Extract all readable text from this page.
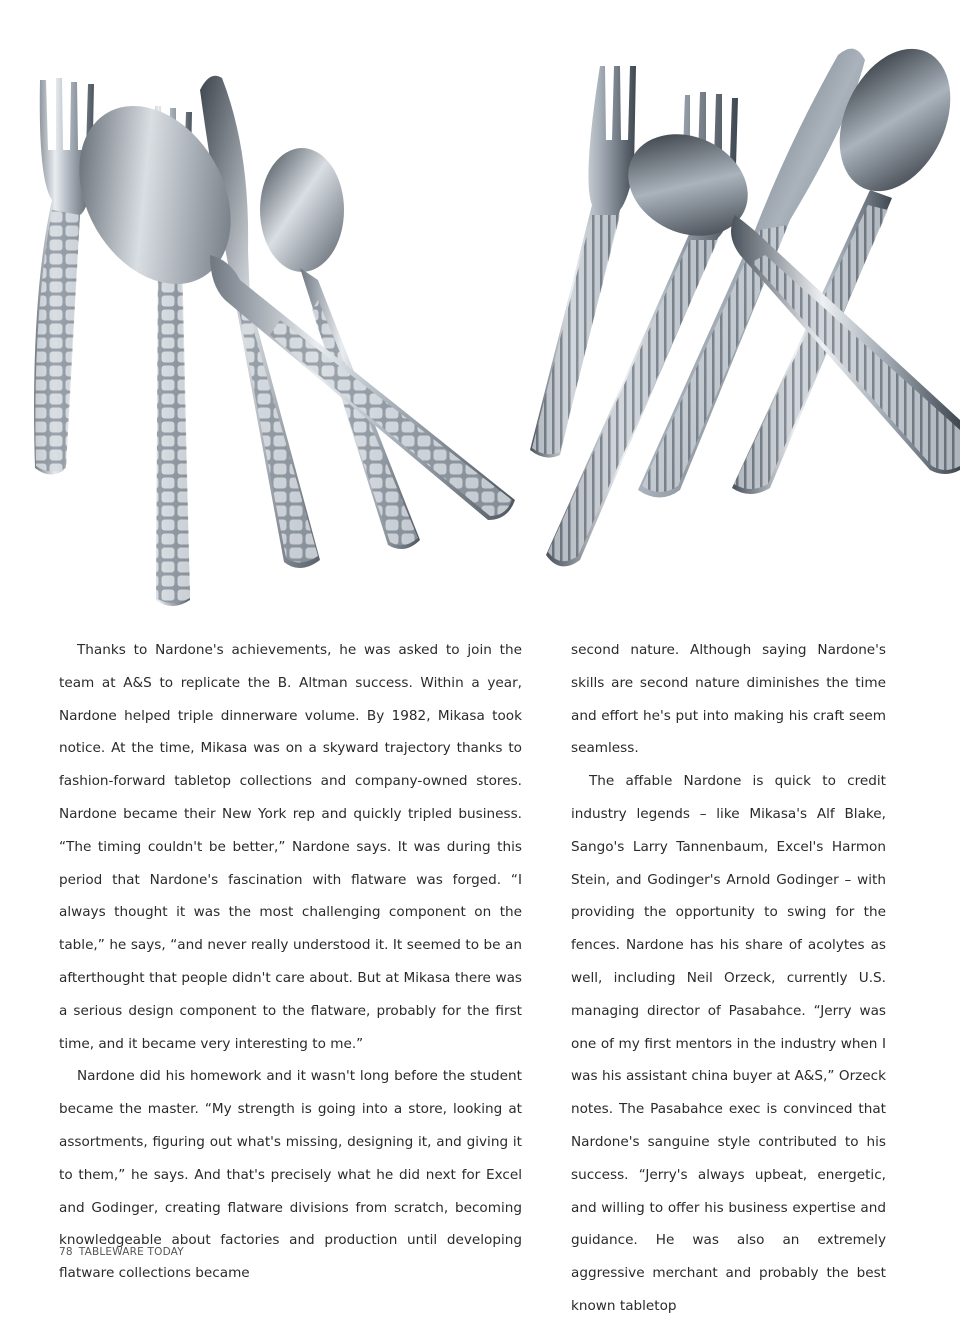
Thanks to Nardone's achievements, he was asked to join the team at A&S to replicate the B. Altman success. Within a year, Nardone helped triple dinnerware volume. By 1982, Mikasa took notice. At the time, Mikasa was on a skyward trajectory thanks to fashion-forward tabletop collections and company-owned stores. Nardone became their New York rep and quickly tripled business. “The timing couldn't be better,” Nardone says. It was during this period that Nardone's fascination with flatware was forged. “I always thought it was the most challenging component on the table,” he says, “and never really understood it. It seemed to be an afterthought that people didn't care about. But at Mikasa there was a serious design component to the flatware, probably for the first time, and it became very interesting to me.”

Nardone did his homework and it wasn't long before the student became the master. “My strength is going into a store, looking at assortments, figuring out what's missing, designing it, and giving it to them,” he says. And that's precisely what he did next for Excel and Godinger, creating flatware divisions from scratch, becoming knowledgeable about factories and production until developing flatware collections became

second nature. Although saying Nardone's skills are second nature diminishes the time and effort he's put into making his craft seem seamless.

The affable Nardone is quick to credit industry legends – like Mikasa's Alf Blake, Sango's Larry Tannenbaum, Excel's Harmon Stein, and Godinger's Arnold Godinger – with providing the opportunity to swing for the fences. Nardone has his share of acolytes as well, including Neil Orzeck, currently U.S. managing director of Pasabahce. “Jerry was one of my first mentors in the industry when I was his assistant china buyer at A&S,” Orzeck notes. The Pasabahce exec is convinced that Nardone's sanguine style contributed to his success. “Jerry's always upbeat, energetic, and willing to offer his business expertise and guidance. He was also an extremely aggressive merchant and probably the best known tabletop

78 TABLEWARE TODAY
